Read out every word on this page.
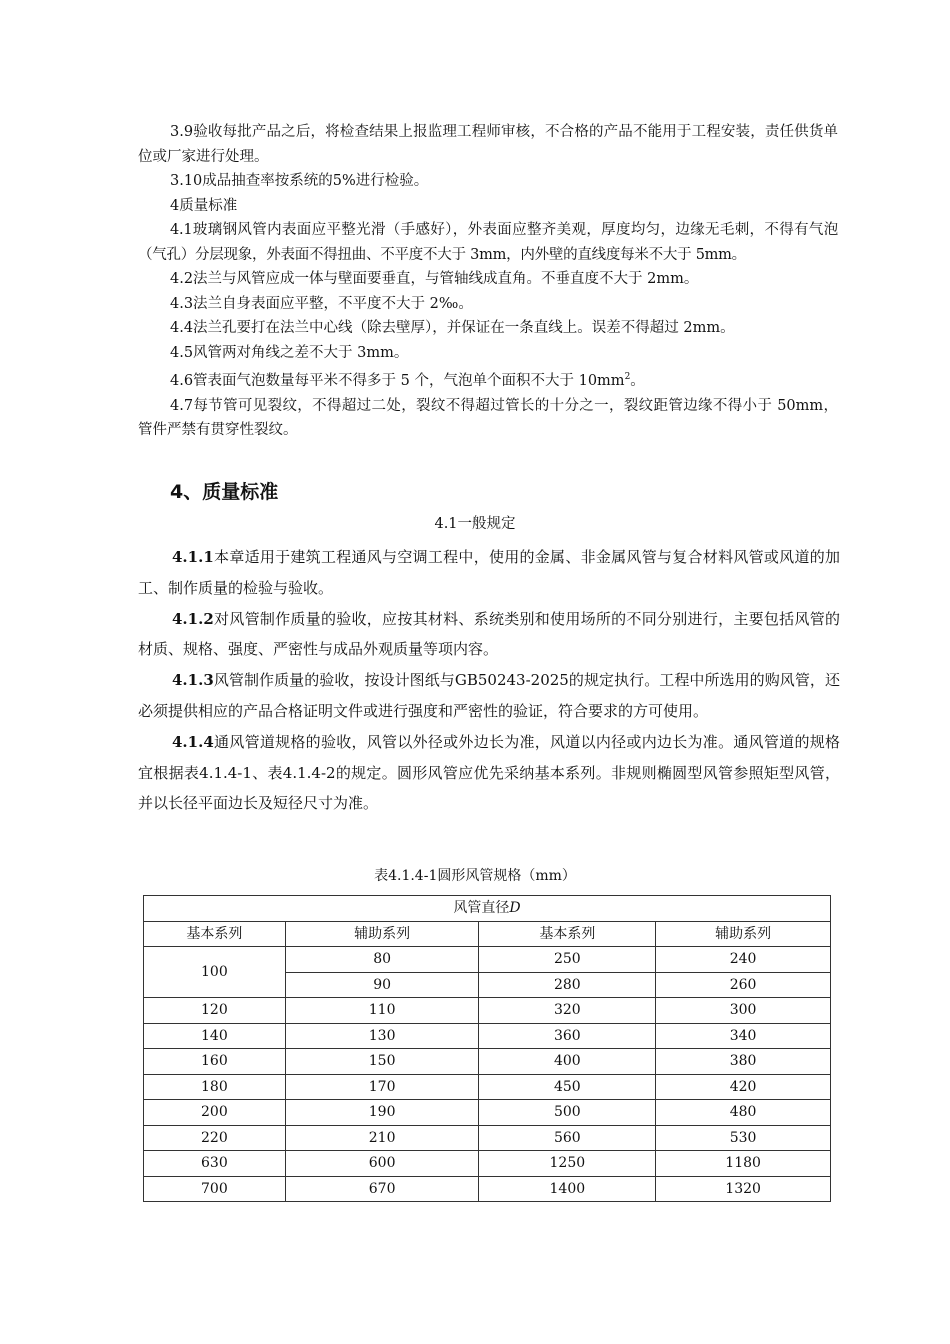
3.9验收每批产品之后，将检查结果上报监理工程师审核，不合格的产品不能用于工程安装，责任供货单位或厂家进行处理。

3.10成品抽查率按系统的5%进行检验。

4质量标准

4.1玻璃钢风管内表面应平整光滑（手感好），外表面应整齐美观，厚度均匀，边缘无毛刺，不得有气泡（气孔）分层现象，外表面不得扭曲、不平度不大于 3mm，内外壁的直线度每米不大于 5mm。

4.2法兰与风管应成一体与壁面要垂直，与管轴线成直角。不垂直度不大于 2mm。

4.3法兰自身表面应平整，不平度不大于 2‰。

4.4法兰孔要打在法兰中心线（除去壁厚），并保证在一条直线上。误差不得超过 2mm。

4.5风管两对角线之差不大于 3mm。

4.6管表面气泡数量每平米不得多于 5 个，气泡单个面积不大于 $10mm^2$。

4.7每节管可见裂纹，不得超过二处，裂纹不得超过管长的十分之一，裂纹距管边缘不得小于 50mm，管件严禁有贯穿性裂纹。

4、质量标准

4.1一般规定

4.1.1本章适用于建筑工程通风与空调工程中，使用的金属、非金属风管与复合材料风管或风道的加工、制作质量的检验与验收。

4.1.2对风管制作质量的验收，应按其材料、系统类别和使用场所的不同分别进行，主要包括风管的材质、规格、强度、严密性与成品外观质量等项内容。

4.1.3风管制作质量的验收，按设计图纸与GB50243-2025的规定执行。工程中所选用的购风管，还必须提供相应的产品合格证明文件或进行强度和严密性的验证，符合要求的方可使用。

4.1.4通风管道规格的验收，风管以外径或外边长为准，风道以内径或内边长为准。通风管道的规格宜根据表4.1.4-1、表4.1.4-2的规定。圆形风管应优先采纳基本系列。非规则椭圆型风管参照矩型风管，并以长径平面边长及短径尺寸为准。

表4.1.4-1圆形风管规格（mm）

风管直径D			
基本系列	辅助系列	基本系列	辅助系列
100	80	250	240
	90	280	260
120	110	320	300
140	130	360	340
160	150	400	380
180	170	450	420
200	190	500	480
220	210	560	530
630	600	1250	1180
700	670	1400	1320
